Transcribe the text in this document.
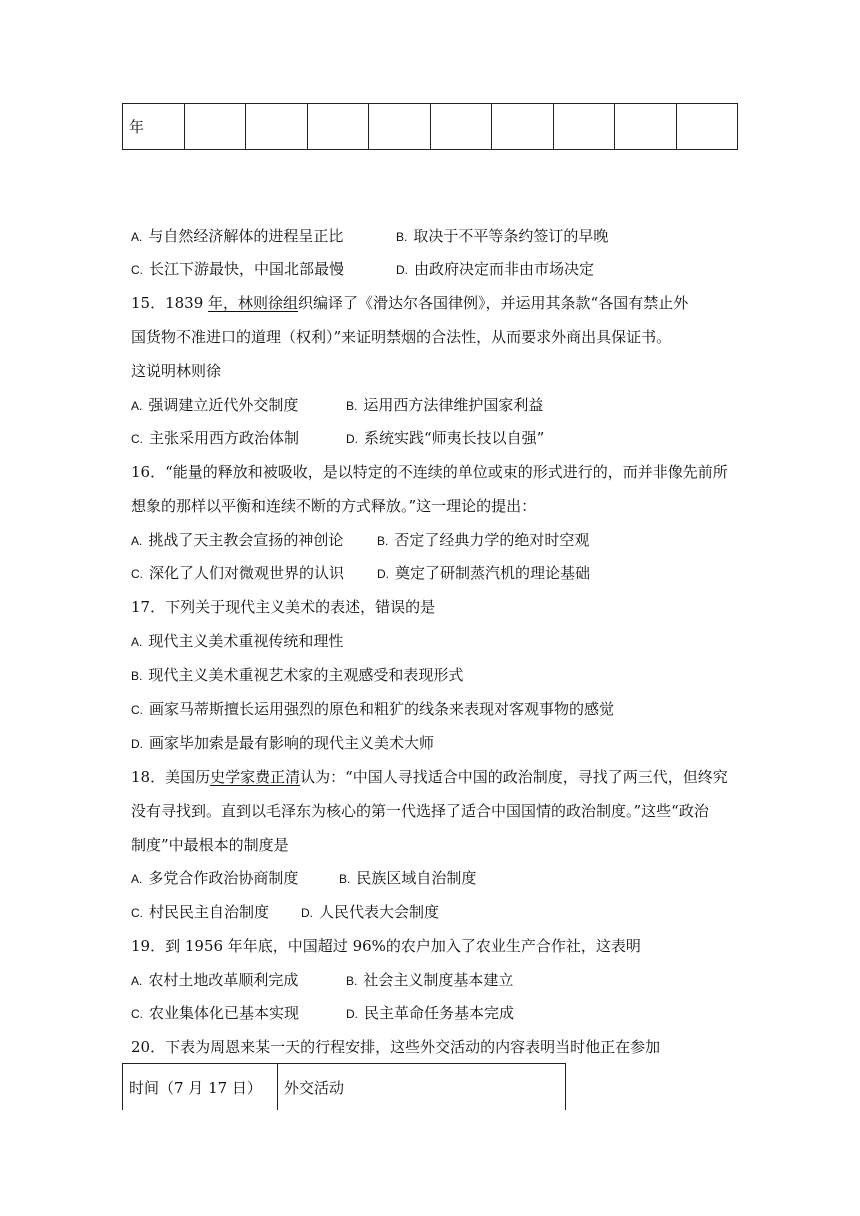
年									
A. 与自然经济解体的进程呈正比	B. 取决于不平等条约签订的早晚
C. 长江下游最快，中国北部最慢	D. 由政府决定而非由市场决定
15．1839 年，林则徐组织编译了《滑达尔各国律例》，并运用其条款“各国有禁止外
国货物不准进口的道理（权利）”来证明禁烟的合法性，从而要求外商出具保证书。
这说明林则徐
A. 强调建立近代外交制度	B. 运用西方法律维护国家利益
C. 主张采用西方政治体制	D. 系统实践“师夷长技以自强”
16．“能量的释放和被吸收，是以特定的不连续的单位或束的形式进行的，而并非像先前所
想象的那样以平衡和连续不断的方式释放。”这一理论的提出：
A. 挑战了天主教会宣扬的神创论	B. 否定了经典力学的绝对时空观
C. 深化了人们对微观世界的认识	D. 奠定了研制蒸汽机的理论基础
17．下列关于现代主义美术的表述，错误的是
A. 现代主义美术重视传统和理性
B. 现代主义美术重视艺术家的主观感受和表现形式
C. 画家马蒂斯擅长运用强烈的原色和粗犷的线条来表现对客观事物的感觉
D. 画家毕加索是最有影响的现代主义美术大师
18．美国历史学家费正清认为：“中国人寻找适合中国的政治制度，寻找了两三代，但终究
没有寻找到。直到以毛泽东为核心的第一代选择了适合中国国情的政治制度。”这些“政治
制度”中最根本的制度是
A. 多党合作政治协商制度	B. 民族区域自治制度
C. 村民民主自治制度	D. 人民代表大会制度
19．到 1956 年年底，中国超过 96%的农户加入了农业生产合作社，这表明
A. 农村土地改革顺利完成	B. 社会主义制度基本建立
C. 农业集体化已基本实现	D. 民主革命任务基本完成
20．下表为周恩来某一天的行程安排，这些外交活动的内容表明当时他正在参加
时间（7 月 17 日）	外交活动
